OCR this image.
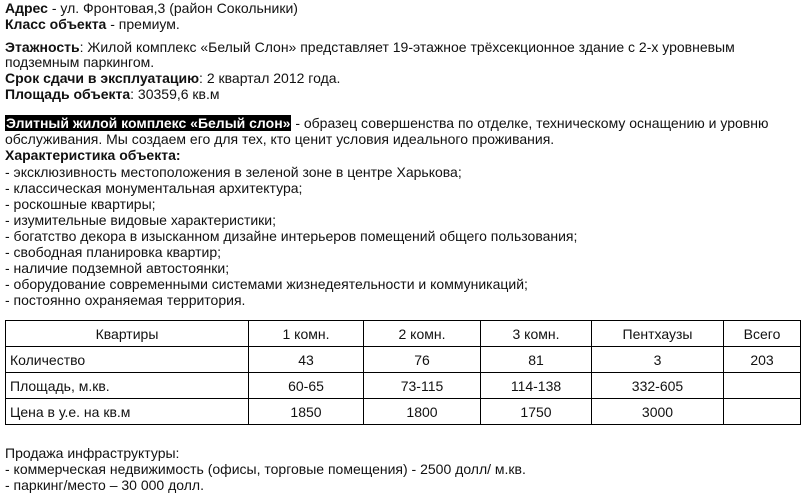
Адрес - ул. Фронтовая,3 (район Сокольники)
Класс объекта - премиум.
Этажность: Жилой комплекс «Белый Слон» представляет 19-этажное трёхсекционное здание с 2-х уровневым
подземным паркингом.
Срок сдачи в эксплуатацию: 2 квартал 2012 года.
Площадь объекта: 30359,6 кв.м
Элитный жилой комплекс «Белый слон» - образец совершенства по отделке, техническому оснащению и уровню
обслуживания. Мы создаем его для тех, кто ценит условия идеального проживания.
Характеристика объекта:
- эксклюзивность местоположения в зеленой зоне в центре Харькова;
- классическая монументальная архитектура;
- роскошные квартиры;
- изумительные видовые характеристики;
- богатство декора в изысканном дизайне интерьеров помещений общего пользования;
- свободная планировка квартир;
- наличие подземной автостоянки;
- оборудование современными системами жизнедеятельности и коммуникаций;
- постоянно охраняемая территория.
Продажа инфраструктуры:
- коммерческая недвижимость (офисы, торговые помещения) - 2500 долл/ м.кв.
- паркинг/место – 30 000 долл.
Квартиры	1 комн.	2 комн.	3 комн.	Пентхаузы	Всего
Количество	43	76	81	3	203
Площадь, м.кв.	60-65	73-115	114-138	332-605	
Цена в у.е. на кв.м	1850	1800	1750	3000	
